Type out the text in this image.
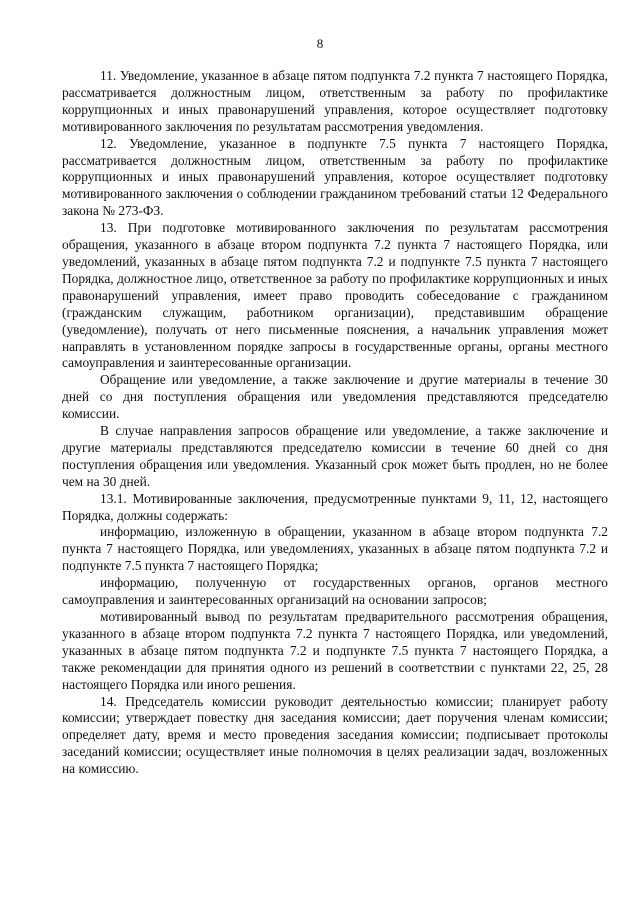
8

11. Уведомление, указанное в абзаце пятом подпункта 7.2 пункта 7 настоящего Порядка, рассматривается должностным лицом, ответственным за работу по профилактике коррупционных и иных правонарушений управления, которое осуществляет подготовку мотивированного заключения по результатам рассмотрения уведомления.

12. Уведомление, указанное в подпункте 7.5 пункта 7 настоящего Порядка, рассматривается должностным лицом, ответственным за работу по профилактике коррупционных и иных правонарушений управления, которое осуществляет подготовку мотивированного заключения о соблюдении гражданином требований статьи 12 Федерального закона № 273-ФЗ.

13. При подготовке мотивированного заключения по результатам рассмотрения обращения, указанного в абзаце втором подпункта 7.2 пункта 7 настоящего Порядка, или уведомлений, указанных в абзаце пятом подпункта 7.2 и подпункте 7.5 пункта 7 настоящего Порядка, должностное лицо, ответственное за работу по профилактике коррупционных и иных правонарушений управления, имеет право проводить собеседование с гражданином (гражданским служащим, работником организации), представившим обращение (уведомление), получать от него письменные пояснения, а начальник управления может направлять в установленном порядке запросы в государственные органы, органы местного самоуправления и заинтересованные организации.

Обращение или уведомление, а также заключение и другие материалы в течение 30 дней со дня поступления обращения или уведомления представляются председателю комиссии.

В случае направления запросов обращение или уведомление, а также заключение и другие материалы представляются председателю комиссии в течение 60 дней со дня поступления обращения или уведомления. Указанный срок может быть продлен, но не более чем на 30 дней.

13.1. Мотивированные заключения, предусмотренные пунктами 9, 11, 12, настоящего Порядка, должны содержать:

информацию, изложенную в обращении, указанном в абзаце втором подпункта 7.2 пункта 7 настоящего Порядка, или уведомлениях, указанных в абзаце пятом подпункта 7.2 и подпункте 7.5 пункта 7 настоящего Порядка;

информацию, полученную от государственных органов, органов местного самоуправления и заинтересованных организаций на основании запросов;

мотивированный вывод по результатам предварительного рассмотрения обращения, указанного в абзаце втором подпункта 7.2 пункта 7 настоящего Порядка, или уведомлений, указанных в абзаце пятом подпункта 7.2 и подпункте 7.5 пункта 7 настоящего Порядка, а также рекомендации для принятия одного из решений в соответствии с пунктами 22, 25, 28 настоящего Порядка или иного решения.

14. Председатель комиссии руководит деятельностью комиссии; планирует работу комиссии; утверждает повестку дня заседания комиссии; дает поручения членам комиссии; определяет дату, время и место проведения заседания комиссии; подписывает протоколы заседаний комиссии; осуществляет иные полномочия в целях реализации задач, возложенных на комиссию.
